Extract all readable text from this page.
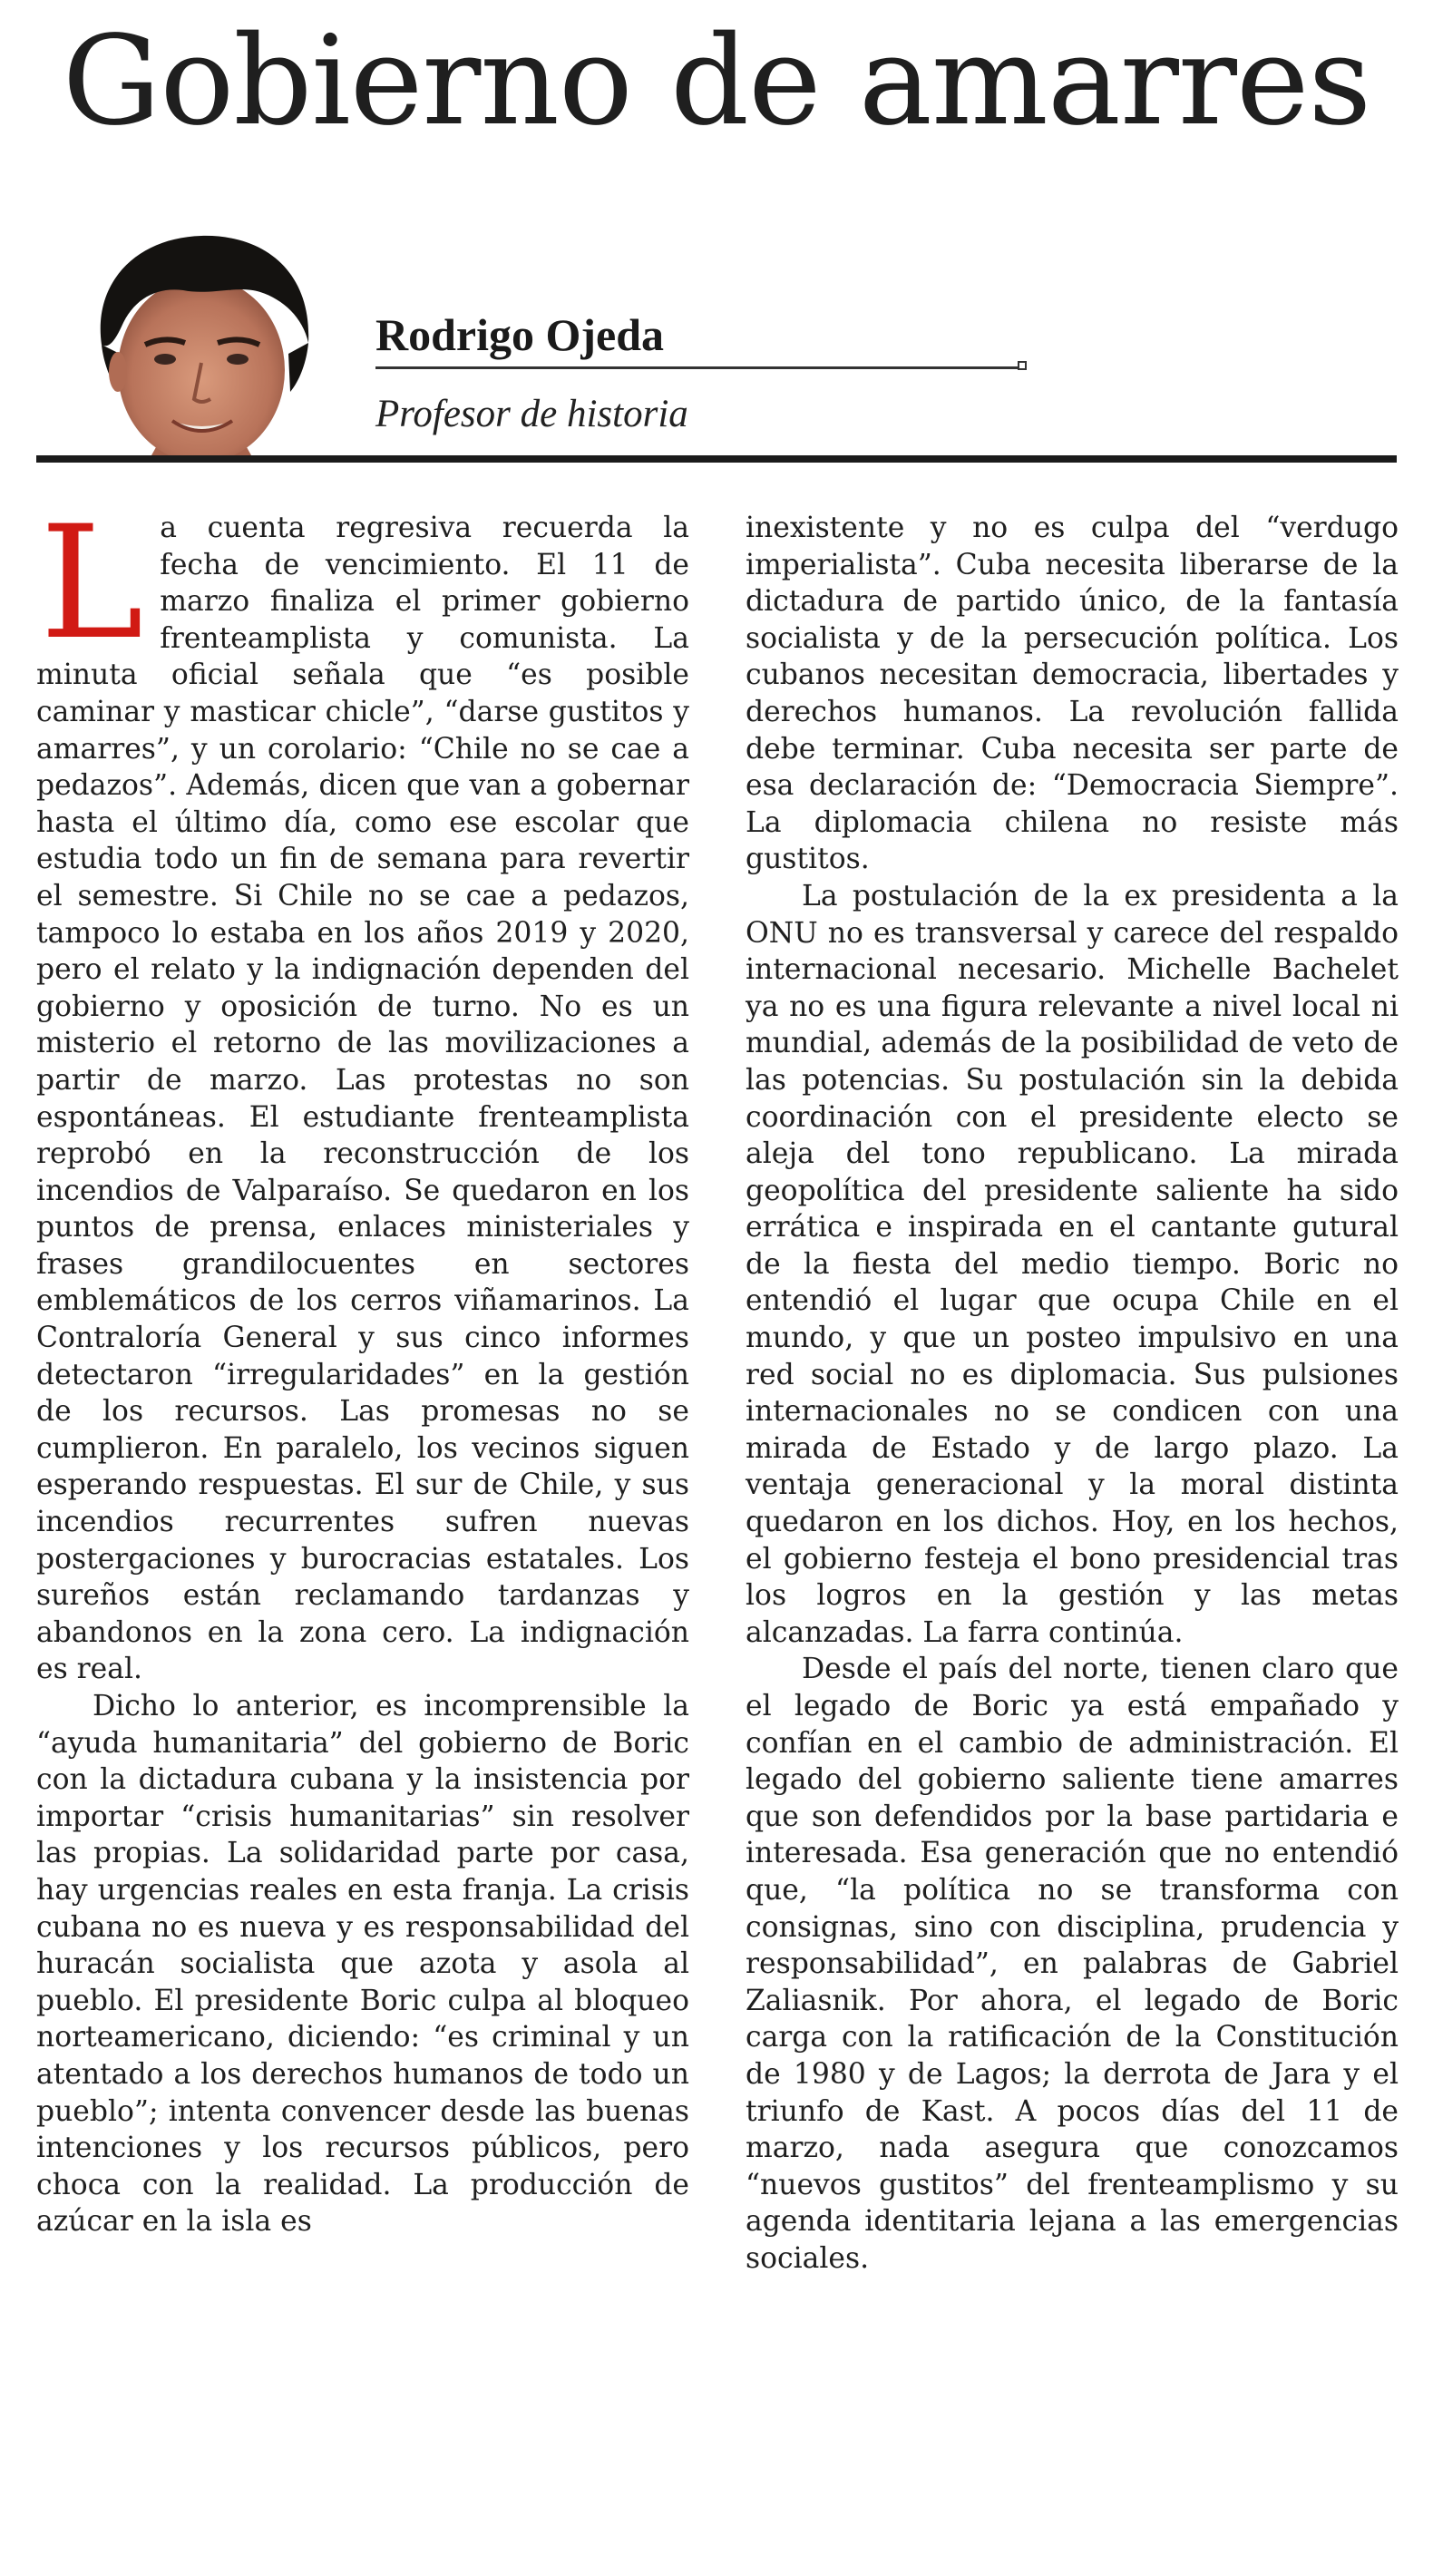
Gobierno de amarres

Rodrigo Ojeda

Profesor de historia

La cuenta regresiva recuerda la fecha de vencimiento. El 11 de marzo finaliza el primer gobierno frenteamplista y comunista. La minuta oficial señala que “es posible caminar y masticar chicle”, “darse gustitos y amarres”, y un corolario: “Chile no se cae a pedazos”. Además, dicen que van a gobernar hasta el último día, como ese escolar que estudia todo un fin de semana para revertir el semestre. Si Chile no se cae a pedazos, tampoco lo estaba en los años 2019 y 2020, pero el relato y la indignación dependen del gobierno y oposición de turno. No es un misterio el retorno de las movilizaciones a partir de marzo. Las protestas no son espontáneas. El estudiante frenteamplista reprobó en la reconstrucción de los incendios de Valparaíso. Se quedaron en los puntos de prensa, enlaces ministeriales y frases grandilocuentes en sectores emblemáticos de los cerros viñamarinos. La Contraloría General y sus cinco informes detectaron “irregularidades” en la gestión de los recursos. Las promesas no se cumplieron. En paralelo, los vecinos siguen esperando respuestas. El sur de Chile, y sus incendios recurrentes sufren nuevas postergaciones y burocracias estatales. Los sureños están reclamando tardanzas y abandonos en la zona cero. La indignación es real.

Dicho lo anterior, es incomprensible la “ayuda humanitaria” del gobierno de Boric con la dictadura cubana y la insistencia por importar “crisis humanitarias” sin resolver las propias. La solidaridad parte por casa, hay urgencias reales en esta franja. La crisis cubana no es nueva y es responsabilidad del huracán socialista que azota y asola al pueblo. El presidente Boric culpa al bloqueo norteamericano, diciendo: “es criminal y un atentado a los derechos humanos de todo un pueblo”; intenta convencer desde las buenas intenciones y los recursos públicos, pero choca con la realidad. La producción de azúcar en la isla es

inexistente y no es culpa del “verdugo imperialista”. Cuba necesita liberarse de la dictadura de partido único, de la fantasía socialista y de la persecución política. Los cubanos necesitan democracia, libertades y derechos humanos. La revolución fallida debe terminar. Cuba necesita ser parte de esa declaración de: “Democracia Siempre”. La diplomacia chilena no resiste más gustitos.

La postulación de la ex presidenta a la ONU no es transversal y carece del respaldo internacional necesario. Michelle Bachelet ya no es una figura relevante a nivel local ni mundial, además de la posibilidad de veto de las potencias. Su postulación sin la debida coordinación con el presidente electo se aleja del tono republicano. La mirada geopolítica del presidente saliente ha sido errática e inspirada en el cantante gutural de la fiesta del medio tiempo. Boric no entendió el lugar que ocupa Chile en el mundo, y que un posteo impulsivo en una red social no es diplomacia. Sus pulsiones internacionales no se condicen con una mirada de Estado y de largo plazo. La ventaja generacional y la moral distinta quedaron en los dichos. Hoy, en los hechos, el gobierno festeja el bono presidencial tras los logros en la gestión y las metas alcanzadas. La farra continúa.

Desde el país del norte, tienen claro que el legado de Boric ya está empañado y confían en el cambio de administración. El legado del gobierno saliente tiene amarres que son defendidos por la base partidaria e interesada. Esa generación que no entendió que, “la política no se transforma con consignas, sino con disciplina, prudencia y responsabilidad”, en palabras de Gabriel Zaliasnik. Por ahora, el legado de Boric carga con la ratificación de la Constitución de 1980 y de Lagos; la derrota de Jara y el triunfo de Kast. A pocos días del 11 de marzo, nada asegura que conozcamos “nuevos gustitos” del frenteamplismo y su agenda identitaria lejana a las emergencias sociales.
